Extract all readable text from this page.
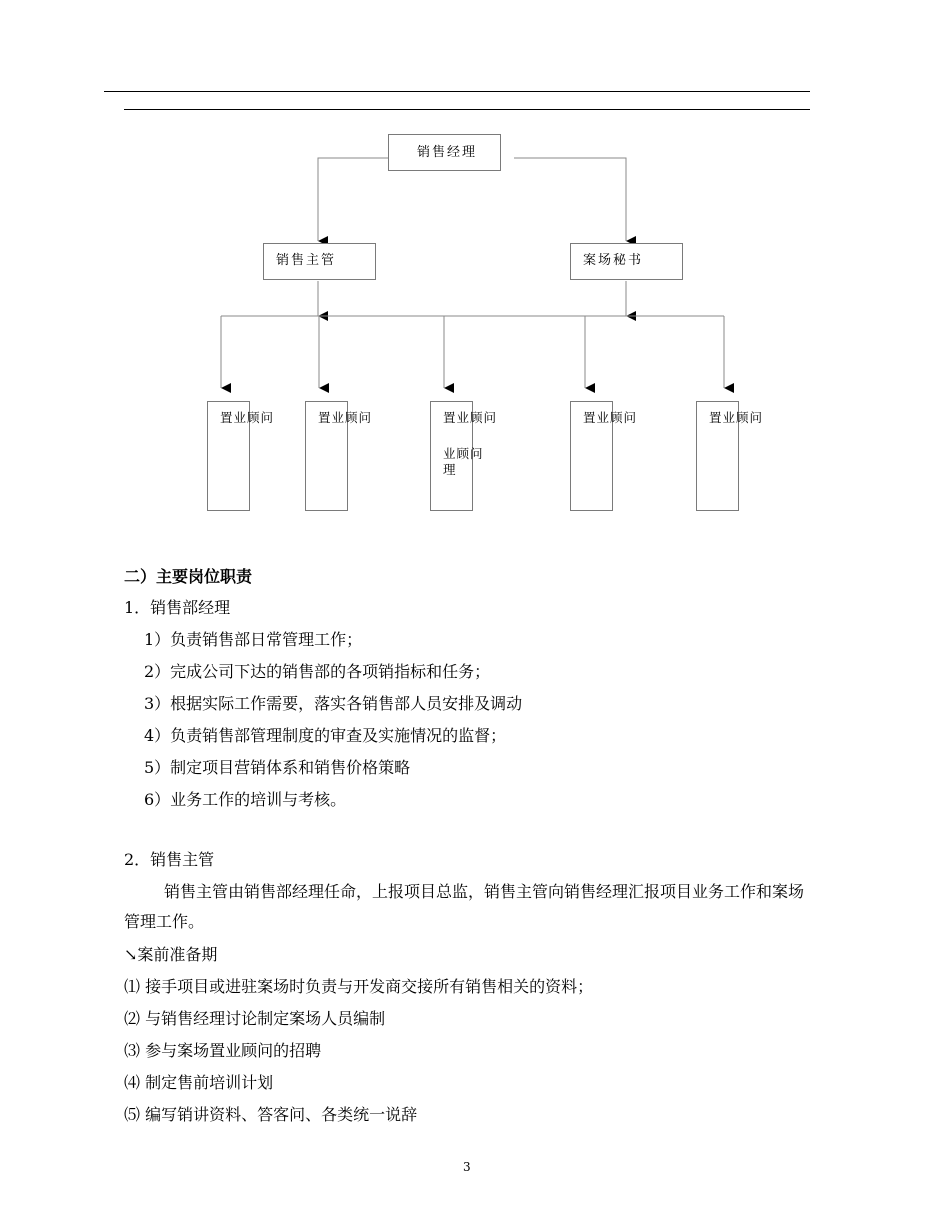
销售经理
销售主管	案场秘书
置业顾问	置业顾问	置业顾问
业顾问
理
置业顾问	置业顾问
二）主要岗位职责
1．销售部经理
1）负责销售部日常管理工作；
2）完成公司下达的销售部的各项销指标和任务；
3）根据实际工作需要，落实各销售部人员安排及调动
4）负责销售部管理制度的审查及实施情况的监督；
5）制定项目营销体系和销售价格策略
6）业务工作的培训与考核。
2．销售主管
销售主管由销售部经理任命，上报项目总监，销售主管向销售经理汇报项目业务工作和案场管理工作。
↘案前准备期
⑴ 接手项目或进驻案场时负责与开发商交接所有销售相关的资料；
⑵ 与销售经理讨论制定案场人员编制
⑶ 参与案场置业顾问的招聘
⑷ 制定售前培训计划
⑸ 编写销讲资料、答客问、各类统一说辞
3
